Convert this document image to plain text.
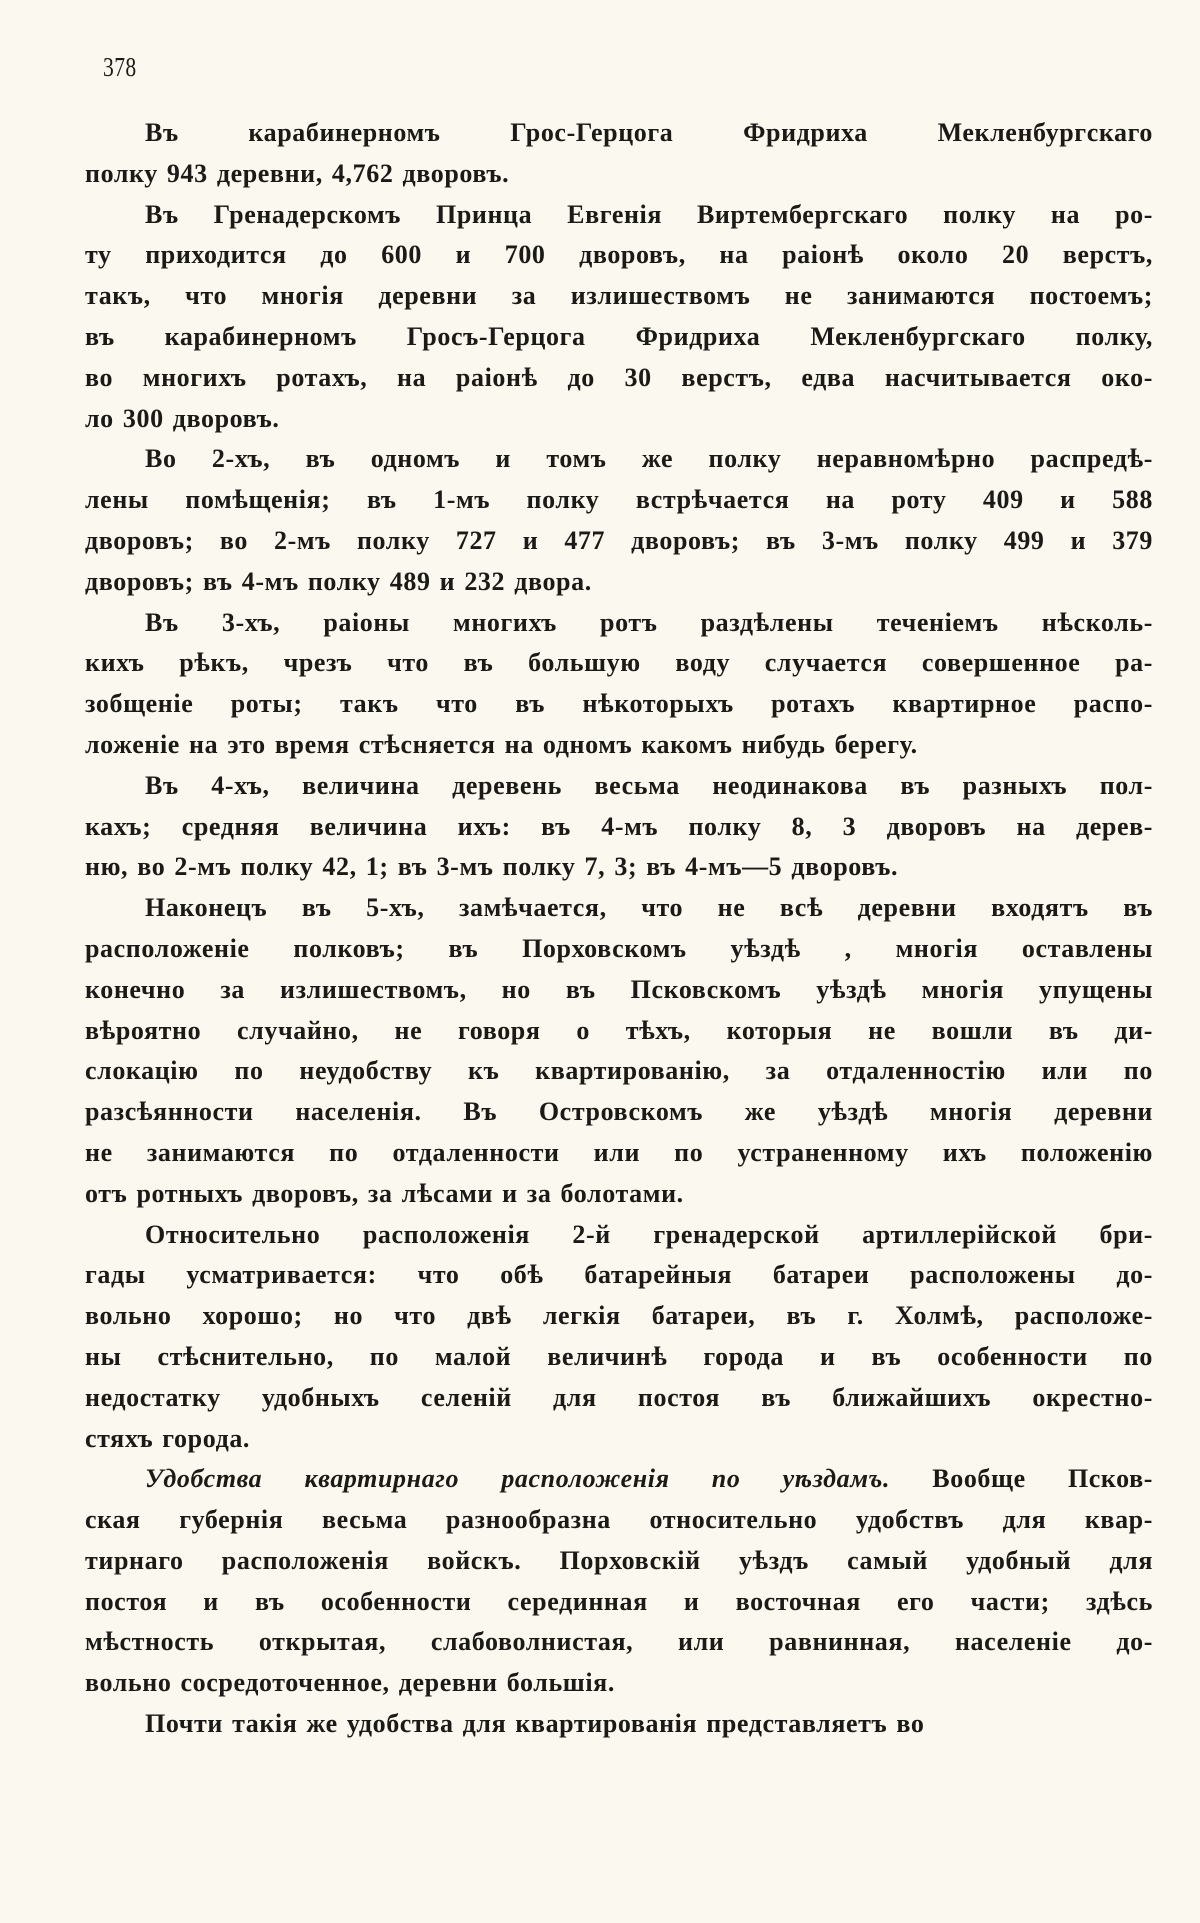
378
Въ карабинерномъ Грос-Герцога Фридриха Мекленбургскаго
полку 943 деревни, 4,762 дворовъ.
Въ Гренадерскомъ Принца Евгенія Виртембергскаго полку на ро-
ту приходится до 600 и 700 дворовъ, на раіонѣ около 20 верстъ,
такъ, что многія деревни за излишествомъ не занимаются постоемъ;
въ карабинерномъ Гросъ-Герцога Фридриха Мекленбургскаго полку,
во многихъ ротахъ, на раіонѣ до 30 верстъ, едва насчитывается око-
ло 300 дворовъ.
Во 2-хъ, въ одномъ и томъ же полку неравномѣрно распредѣ-
лены помѣщенія; въ 1-мъ полку встрѣчается на роту 409 и 588
дворовъ; во 2-мъ полку 727 и 477 дворовъ; въ 3-мъ полку 499 и 379
дворовъ; въ 4-мъ полку 489 и 232 двора.
Въ 3-хъ, раіоны многихъ ротъ раздѣлены теченіемъ нѣсколь-
кихъ рѣкъ, чрезъ что въ большую воду случается совершенное ра-
зобщеніе роты; такъ что въ нѣкоторыхъ ротахъ квартирное распо-
ложеніе на это время стѣсняется на одномъ какомъ нибудь берегу.
Въ 4-хъ, величина деревень весьма неодинакова въ разныхъ пол-
кахъ; средняя величина ихъ: въ 4-мъ полку 8, 3 дворовъ на дерев-
ню, во 2-мъ полку 42, 1; въ 3-мъ полку 7, 3; въ 4-мъ—5 дворовъ.
Наконецъ въ 5-хъ, замѣчается, что не всѣ деревни входятъ въ
расположеніе полковъ; въ Порховскомъ уѣздѣ , многія оставлены
конечно за излишествомъ, но въ Псковскомъ уѣздѣ многія упущены
вѣроятно случайно, не говоря о тѣхъ, которыя не вошли въ ди-
слокацію по неудобству къ квартированію, за отдаленностію или по
разсѣянности населенія. Въ Островскомъ же уѣздѣ многія деревни
не занимаются по отдаленности или по устраненному ихъ положенію
отъ ротныхъ дворовъ, за лѣсами и за болотами.
Относительно расположенія 2-й гренадерской артиллерійской бри-
гады усматривается: что обѣ батарейныя батареи расположены до-
вольно хорошо; но что двѣ легкія батареи, въ г. Холмѣ, расположе-
ны стѣснительно, по малой величинѣ города и въ особенности по
недостатку удобныхъ селеній для постоя въ ближайшихъ окрестно-
стяхъ города.
Удобства квартирнаго расположенія по уѣздамъ. Вообще Псков-
ская губернія весьма разнообразна относительно удобствъ для квар-
тирнаго расположенія войскъ. Порховскій уѣздъ самый удобный для
постоя и въ особенности серединная и восточная его части; здѣсь
мѣстность открытая, слабоволнистая, или равнинная, населеніе до-
вольно сосредоточенное, деревни большія.
Почти такія же удобства для квартированія представляетъ во
